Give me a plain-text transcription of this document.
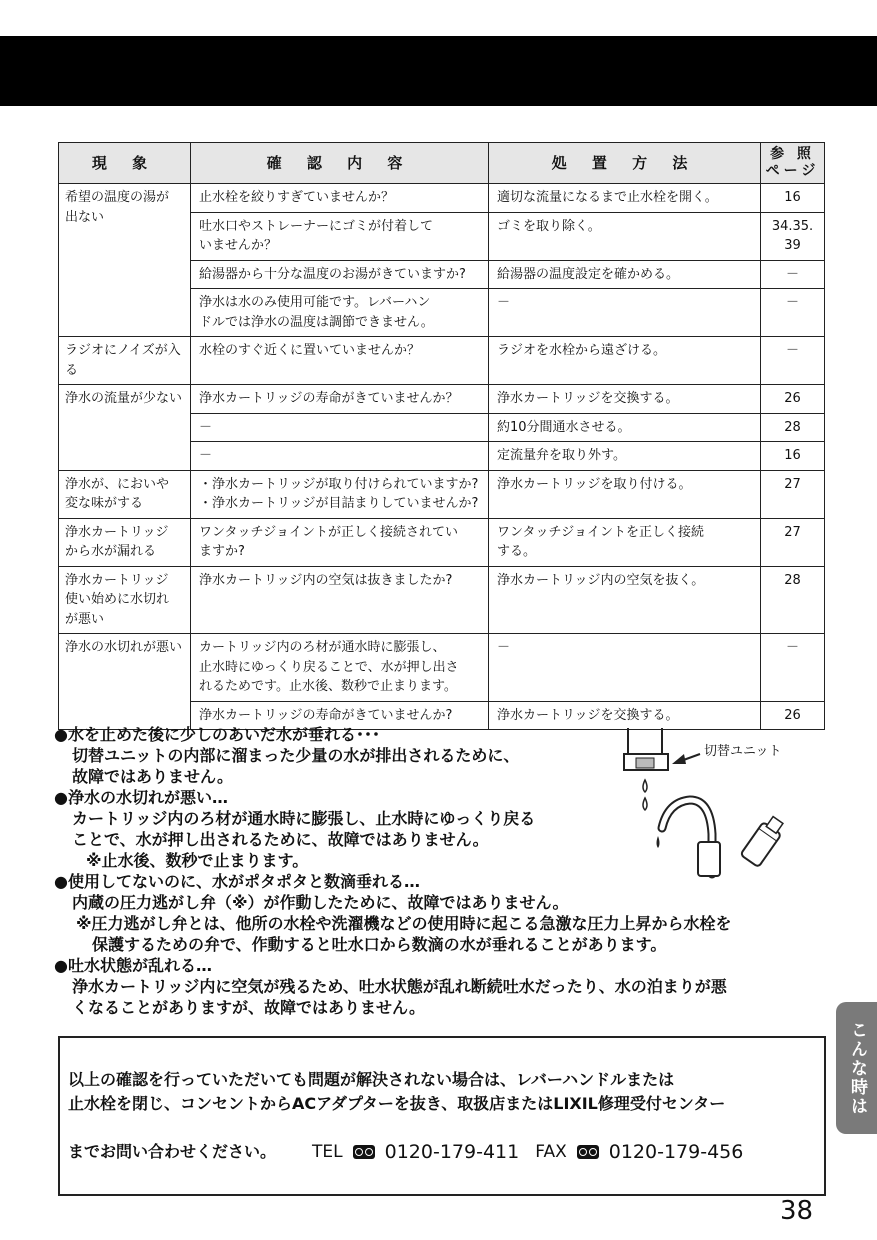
現 象	確 認 内 容	処 置 方 法	参 照
ページ
希望の温度の湯が
出ない	止水栓を絞りすぎていませんか？	適切な流量になるまで止水栓を開く。	16
	吐水口やストレーナーにゴミが付着して
いませんか？	ゴミを取り除く。	34.35.
39
	給湯器から十分な温度のお湯がきていますか?	給湯器の温度設定を確かめる。	－
	浄水は水のみ使用可能です。レバーハン
ドルでは浄水の温度は調節できません。	－	－
ラジオにノイズが入る	水栓のすぐ近くに置いていませんか？	ラジオを水栓から遠ざける。	－
浄水の流量が少ない	浄水カートリッジの寿命がきていませんか？	浄水カートリッジを交換する。	26
	－	約10分間通水させる。	28
	－	定流量弁を取り外す。	16
浄水が、においや
変な味がする	・浄水カートリッジが取り付けられていますか?
・浄水カートリッジが目詰まりしていませんか?	浄水カートリッジを取り付ける。	27
浄水カートリッジ
から水が漏れる	ワンタッチジョイントが正しく接続されてい
ますか?	ワンタッチジョイントを正しく接続
する。	27
浄水カートリッジ
使い始めに水切れ
が悪い	浄水カートリッジ内の空気は抜きましたか?	浄水カートリッジ内の空気を抜く。	28
浄水の水切れが悪い	カートリッジ内のろ材が通水時に膨張し、
止水時にゆっくり戻ることで、水が押し出さ
れるためです。止水後、数秒で止まります。	－	－
	浄水カートリッジの寿命がきていませんか?	浄水カートリッジを交換する。	26
●水を止めた後に少しのあいだ水が垂れる･･･
切替ユニットの内部に溜まった少量の水が排出されるために、
故障ではありません。
●浄水の水切れが悪い…
カートリッジ内のろ材が通水時に膨張し、止水時にゆっくり戻る
ことで、水が押し出されるために、故障ではありません。
※止水後、数秒で止まります。
●使用してないのに、水がポタポタと数滴垂れる…
内蔵の圧力逃がし弁（※）が作動したために、故障ではありません。
※圧力逃がし弁とは、他所の水栓や洗濯機などの使用時に起こる急激な圧力上昇から水栓を
　保護するための弁で、作動すると吐水口から数滴の水が垂れることがあります。
●吐水状態が乱れる…
浄水カートリッジ内に空気が残るため、吐水状態が乱れ断続吐水だったり、水の泊まりが悪
くなることがありますが、故障ではありません。
切替ユニット

以上の確認を行っていただいても問題が解決されない場合は、レバーハンドルまたは
止水栓を閉じ、コンセントからACアダプターを抜き、取扱店またはLIXIL修理受付センター

までお問い合わせください。 TEL 0120-179-411 FAX 0120-179-456

こんな時は
38
